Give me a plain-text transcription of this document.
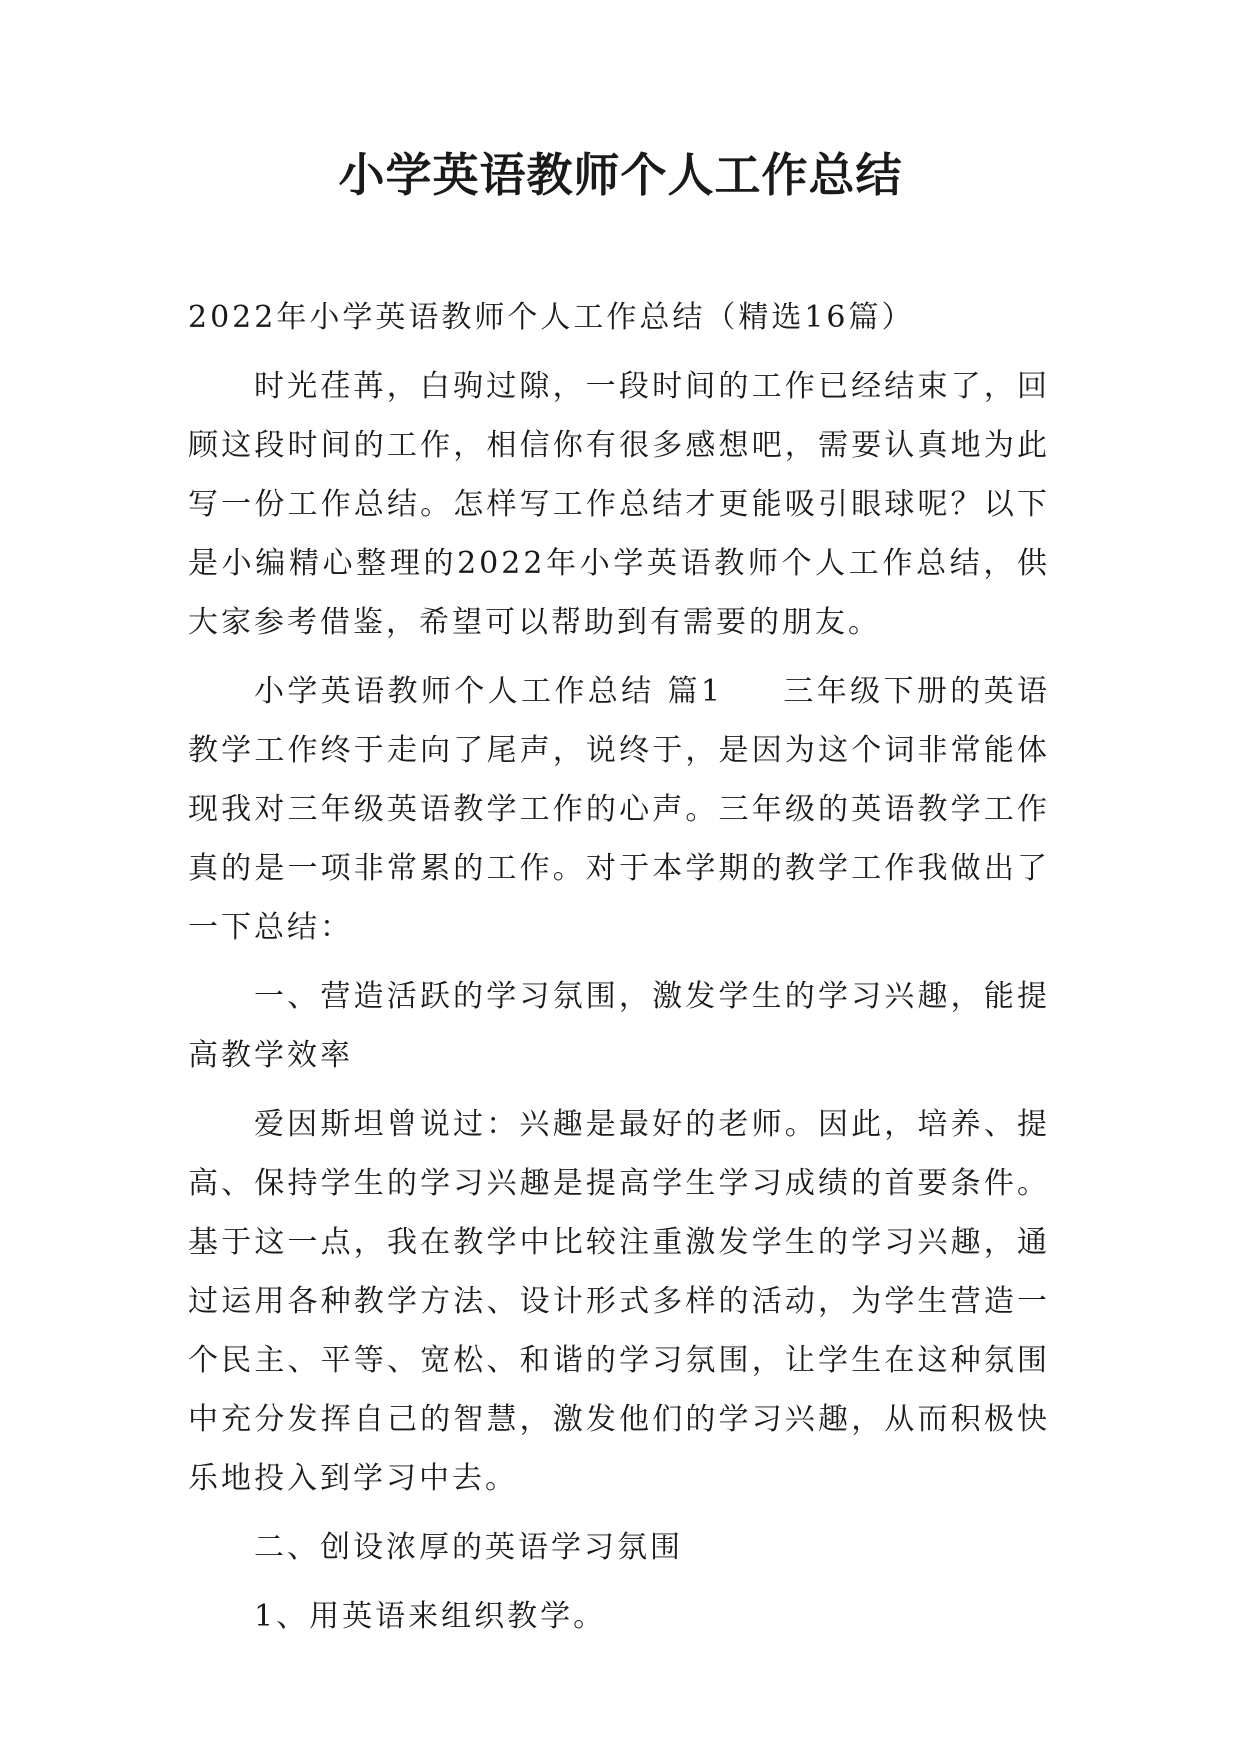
小学英语教师个人工作总结

2022年小学英语教师个人工作总结（精选16篇）

时光荏苒，白驹过隙，一段时间的工作已经结束了，回顾这段时间的工作，相信你有很多感想吧，需要认真地为此写一份工作总结。怎样写工作总结才更能吸引眼球呢？以下是小编精心整理的2022年小学英语教师个人工作总结，供大家参考借鉴，希望可以帮助到有需要的朋友。

小学英语教师个人工作总结 篇1 三年级下册的英语教学工作终于走向了尾声，说终于，是因为这个词非常能体现我对三年级英语教学工作的心声。三年级的英语教学工作真的是一项非常累的工作。对于本学期的教学工作我做出了一下总结：

一、营造活跃的学习氛围，激发学生的学习兴趣，能提高教学效率

爱因斯坦曾说过：兴趣是最好的老师。因此，培养、提高、保持学生的学习兴趣是提高学生学习成绩的首要条件。基于这一点，我在教学中比较注重激发学生的学习兴趣，通过运用各种教学方法、设计形式多样的活动，为学生营造一个民主、平等、宽松、和谐的学习氛围，让学生在这种氛围中充分发挥自己的智慧，激发他们的学习兴趣，从而积极快乐地投入到学习中去。

二、创设浓厚的英语学习氛围

1、用英语来组织教学。
